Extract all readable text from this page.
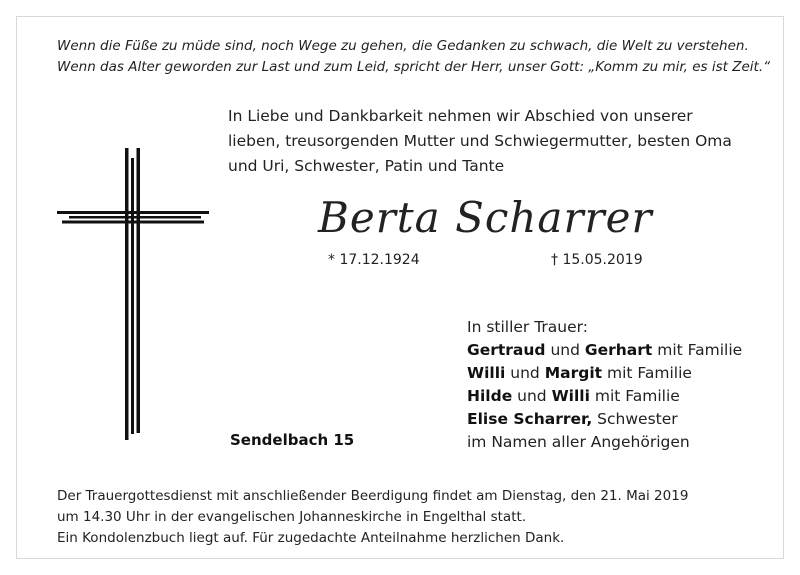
Wenn die Füße zu müde sind, noch Wege zu gehen, die Gedanken zu schwach, die Welt zu verstehen.
Wenn das Alter geworden zur Last und zum Leid, spricht der Herr, unser Gott: „Komm zu mir, es ist Zeit.“
In Liebe und Dankbarkeit nehmen wir Abschied von unserer
lieben, treusorgenden Mutter und Schwiegermutter, besten Oma
und Uri, Schwester, Patin und Tante
Berta Scharrer
* 17.12.1924	† 15.05.2019
In stiller Trauer:
Gertraud und Gerhart mit Familie
Willi und Margit mit Familie
Hilde und Willi mit Familie
Elise Scharrer, Schwester
im Namen aller Angehörigen
Sendelbach 15
Der Trauergottesdienst mit anschließender Beerdigung findet am Dienstag, den 21. Mai 2019
um 14.30 Uhr in der evangelischen Johanneskirche in Engelthal statt.
Ein Kondolenzbuch liegt auf. Für zugedachte Anteilnahme herzlichen Dank.
